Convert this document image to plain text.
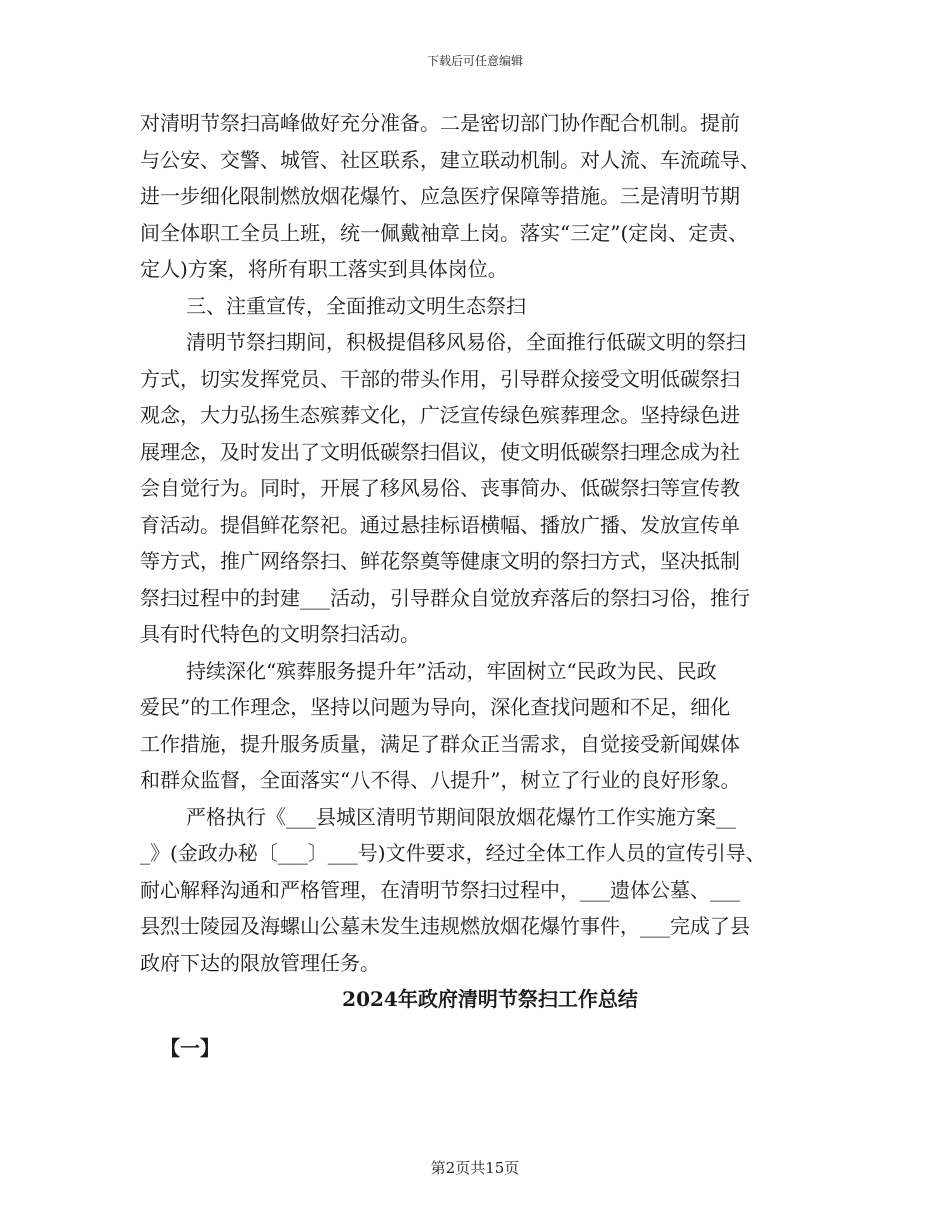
下载后可任意编辑
对清明节祭扫高峰做好充分准备。二是密切部门协作配合机制。提前
与公安、交警、城管、社区联系，建立联动机制。对人流、车流疏导、
进一步细化限制燃放烟花爆竹、应急医疗保障等措施。三是清明节期
间全体职工全员上班，统一佩戴袖章上岗。落实“三定”(定岗、定责、
定人)方案，将所有职工落实到具体岗位。
三、注重宣传，全面推动文明生态祭扫
清明节祭扫期间，积极提倡移风易俗，全面推行低碳文明的祭扫
方式，切实发挥党员、干部的带头作用，引导群众接受文明低碳祭扫
观念，大力弘扬生态殡葬文化，广泛宣传绿色殡葬理念。坚持绿色进
展理念，及时发出了文明低碳祭扫倡议，使文明低碳祭扫理念成为社
会自觉行为。同时，开展了移风易俗、丧事简办、低碳祭扫等宣传教
育活动。提倡鲜花祭祀。通过悬挂标语横幅、播放广播、发放宣传单
等方式，推广网络祭扫、鲜花祭奠等健康文明的祭扫方式，坚决抵制
祭扫过程中的封建___活动，引导群众自觉放弃落后的祭扫习俗，推行
具有时代特色的文明祭扫活动。
持续深化“殡葬服务提升年”活动，牢固树立“民政为民、民政
爱民”的工作理念，坚持以问题为导向，深化查找问题和不足，细化
工作措施，提升服务质量，满足了群众正当需求，自觉接受新闻媒体
和群众监督，全面落实“八不得、八提升”，树立了行业的良好形象。
严格执行《___县城区清明节期间限放烟花爆竹工作实施方案__
_》(金政办秘〔___〕___号)文件要求，经过全体工作人员的宣传引导、
耐心解释沟通和严格管理，在清明节祭扫过程中，___遗体公墓、___
县烈士陵园及海螺山公墓未发生违规燃放烟花爆竹事件，___完成了县
政府下达的限放管理任务。
2024年政府清明节祭扫工作总结
【一】
第2页共15页
